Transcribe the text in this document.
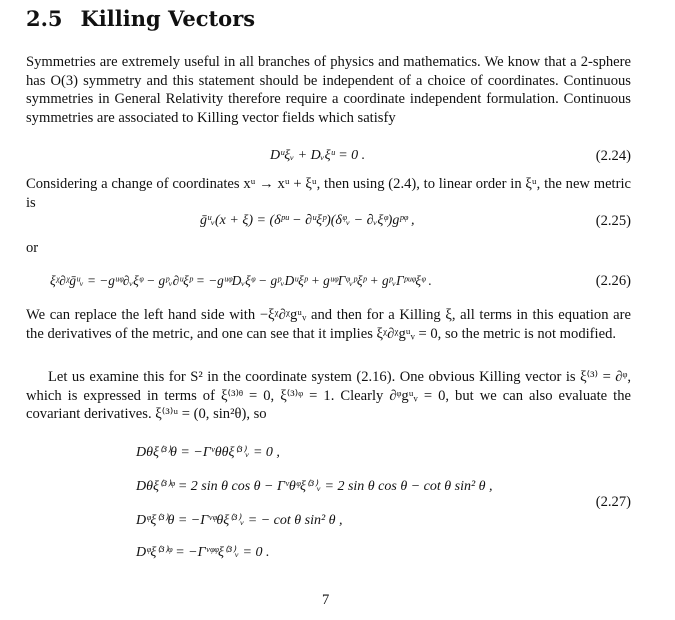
2.5 Killing Vectors

Symmetries are extremely useful in all branches of physics and mathematics. We know that a 2-sphere has O(3) symmetry and this statement should be independent of a choice of coordinates. Continuous symmetries in General Relativity therefore require a coordinate independent formulation. Continuous symmetries are associated to Killing vector fields which satisfy

Dᵘξᵥ + Dᵥξᵘ = 0 .	(2.24)

Considering a change of coordinates xᵘ → xᵘ + ξᵘ, then using (2.4), to linear order in ξᵘ, the new metric is

ḡᵘᵥ(x + ξ) = (δᵖᵘ − ∂ᵘξᵖ)(δᵠᵥ − ∂ᵥξᵠ)gᵖᵠ ,	(2.25)
or
ξᵡ∂ᵡḡᵘᵥ = −gᵘᵠ∂ᵥξᵠ − gᵖᵥ∂ᵘξᵖ = −gᵘᵠDᵥξᵠ − gᵖᵥDᵘξᵖ + gᵘᵠΓᵠᵥᵖξᵖ + gᵖᵥΓᵖᵘᵠξᵠ .	(2.26)

We can replace the left hand side with −ξᵡ∂ᵡgᵘᵥ and then for a Killing ξ, all terms in this equation are the derivatives of the metric, and one can see that it implies ξᵡ∂ᵡgᵘᵥ = 0, so the metric is not modified.

Let us examine this for S² in the coordinate system (2.16). One obvious Killing vector is ξ⁽³⁾ = ∂ᵠ, which is expressed in terms of ξ⁽³⁾ᶿ = 0, ξ⁽³⁾ᵠ = 1. Clearly ∂ᵠgᵘᵥ = 0, but we can also evaluate the covariant derivatives. ξ⁽³⁾ᵘ = (0, sin²θ), so

Dθξ⁽³⁾θ = −Γᵛθθξ⁽³⁾ᵥ = 0 ,
Dθξ⁽³⁾ᵠ = 2 sin θ cos θ − Γᵛθᵠξ⁽³⁾ᵥ = 2 sin θ cos θ − cot θ sin² θ ,
Dᵠξ⁽³⁾θ = −Γᵛᵠθξ⁽³⁾ᵥ = − cot θ sin² θ ,
Dᵠξ⁽³⁾ᵠ = −Γᵛᵠᵠξ⁽³⁾ᵥ = 0 .
(2.27)
7
